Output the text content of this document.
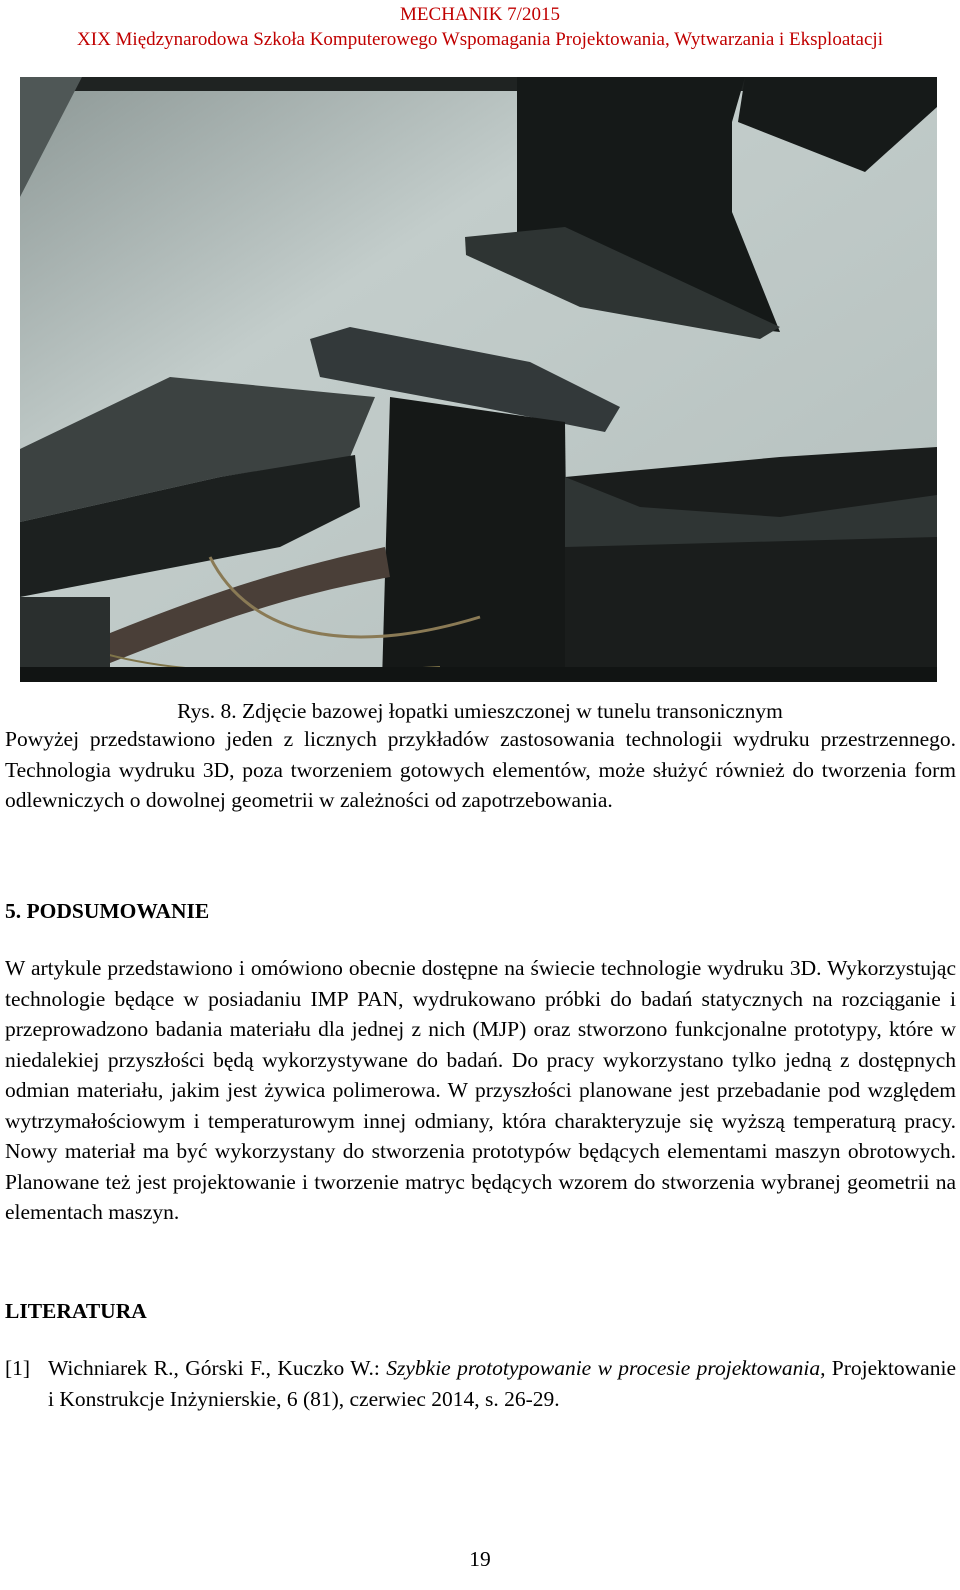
MECHANIK 7/2015
XIX Międzynarodowa Szkoła Komputerowego Wspomagania Projektowania, Wytwarzania i Eksploatacji
Rys. 8. Zdjęcie bazowej łopatki umieszczonej w tunelu transonicznym
Powyżej przedstawiono jeden z licznych przykładów zastosowania technologii wydruku przestrzennego. Technologia wydruku 3D, poza tworzeniem gotowych elementów, może służyć również do tworzenia form odlewniczych o dowolnej geometrii w zależności od zapotrzebowania.
5. PODSUMOWANIE
W artykule przedstawiono i omówiono obecnie dostępne na świecie technologie wydruku 3D. Wykorzystując technologie będące w posiadaniu IMP PAN, wydrukowano próbki do badań statycznych na rozciąganie i przeprowadzono badania materiału dla jednej z nich (MJP) oraz stworzono funkcjonalne prototypy, które w niedalekiej przyszłości będą wykorzystywane do badań. Do pracy wykorzystano tylko jedną z dostępnych odmian materiału, jakim jest żywica polimerowa. W przyszłości planowane jest przebadanie pod względem wytrzymałościowym i temperaturowym innej odmiany, która charakteryzuje się wyższą temperaturą pracy. Nowy materiał ma być wykorzystany do stworzenia prototypów będących elementami maszyn obrotowych. Planowane też jest projektowanie i tworzenie matryc będących wzorem do stworzenia wybranej geometrii na elementach maszyn.
LITERATURA
[1] Wichniarek R., Górski F., Kuczko W.: Szybkie prototypowanie w procesie projektowania, Projektowanie i Konstrukcje Inżynierskie, 6 (81), czerwiec 2014, s. 26-29.
19
